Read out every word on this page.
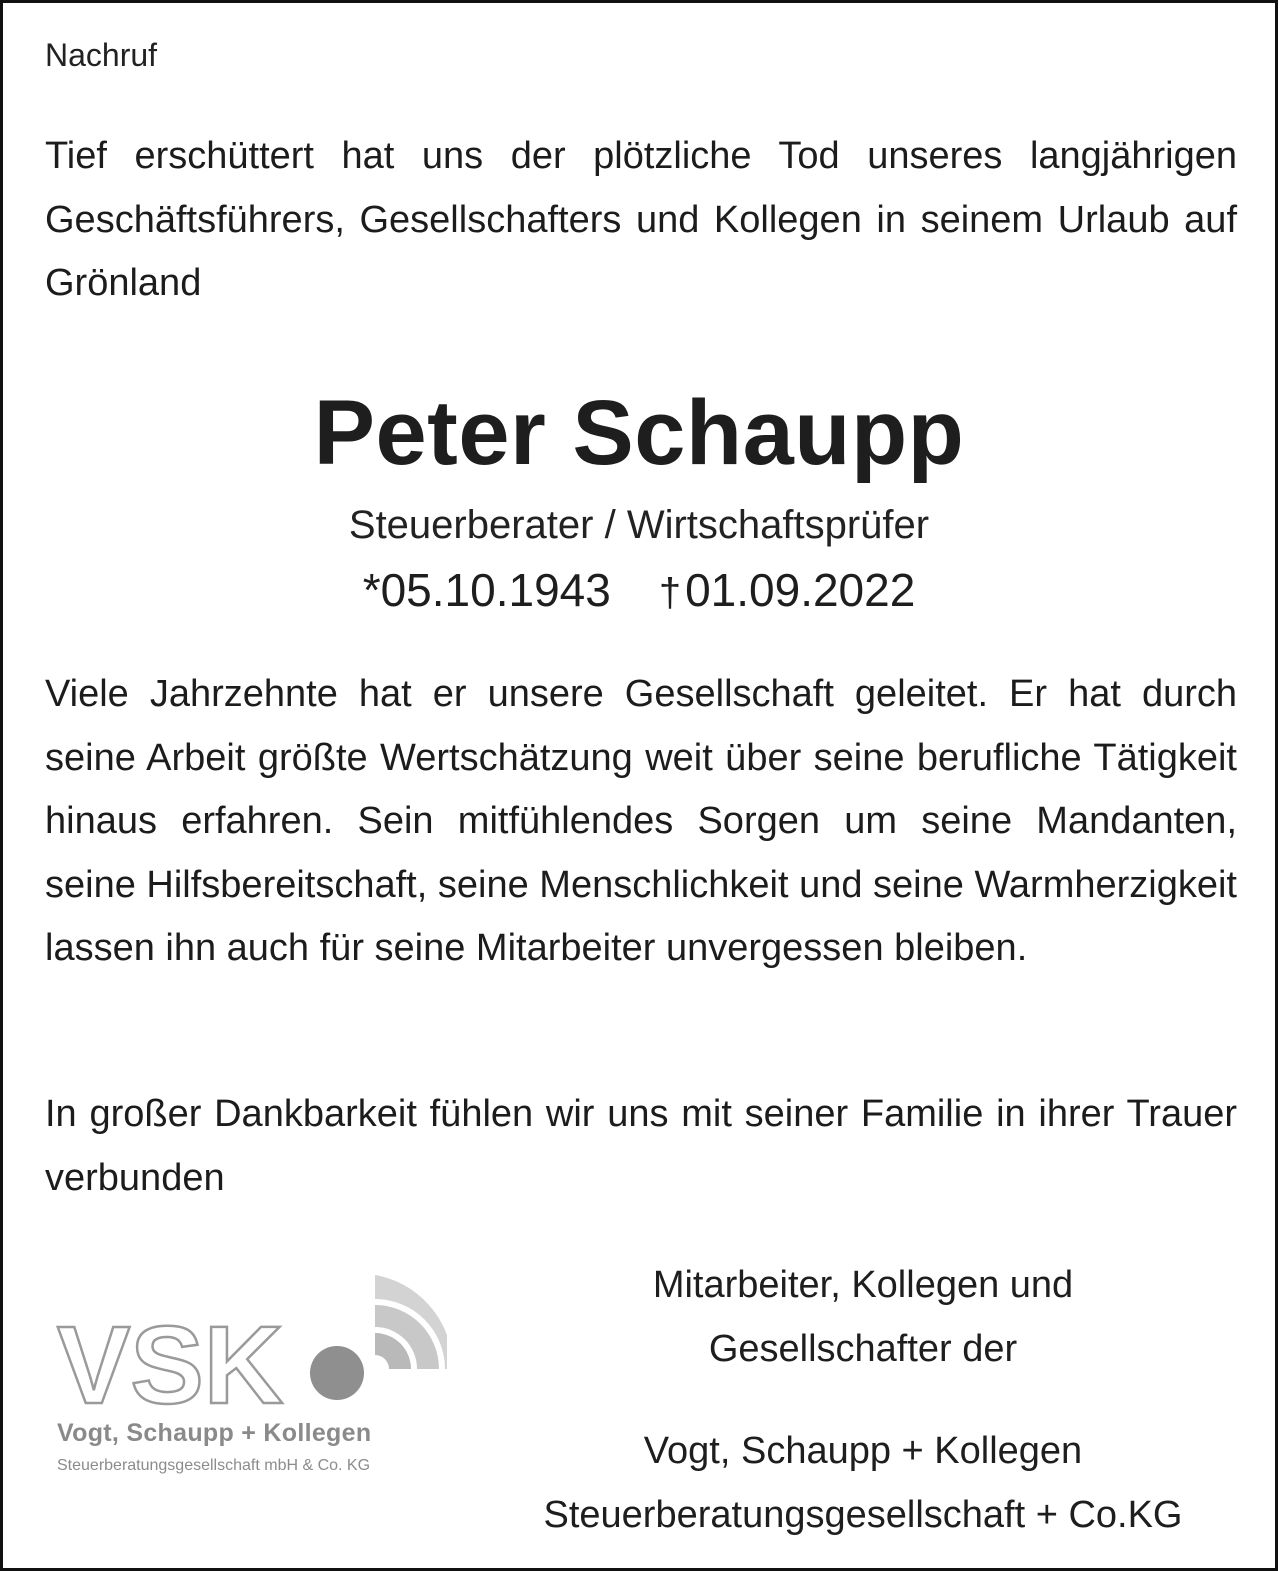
Nachruf
Tief erschüttert hat uns der plötzliche Tod unseres langjährigen Geschäftsführers, Gesellschafters und Kollegen in seinem Urlaub auf Grönland
Peter Schaupp
Steuerberater / Wirtschaftsprüfer
*05.10.1943 †01.09.2022
Viele Jahrzehnte hat er unsere Gesellschaft geleitet. Er hat durch seine Arbeit größte Wertschätzung weit über seine berufliche Tätigkeit hinaus erfahren. Sein mitfühlendes Sorgen um seine Mandanten, seine Hilfsbereitschaft, seine Menschlichkeit und seine Warmherzigkeit lassen ihn auch für seine Mitarbeiter unvergessen bleiben.
In großer Dankbarkeit fühlen wir uns mit seiner Familie in ihrer Trauer verbunden
VSK
Vogt, Schaupp + Kollegen
Steuerberatungsgesellschaft mbH & Co. KG
Mitarbeiter, Kollegen und
Gesellschafter der
Vogt, Schaupp + Kollegen
Steuerberatungsgesellschaft + Co.KG
